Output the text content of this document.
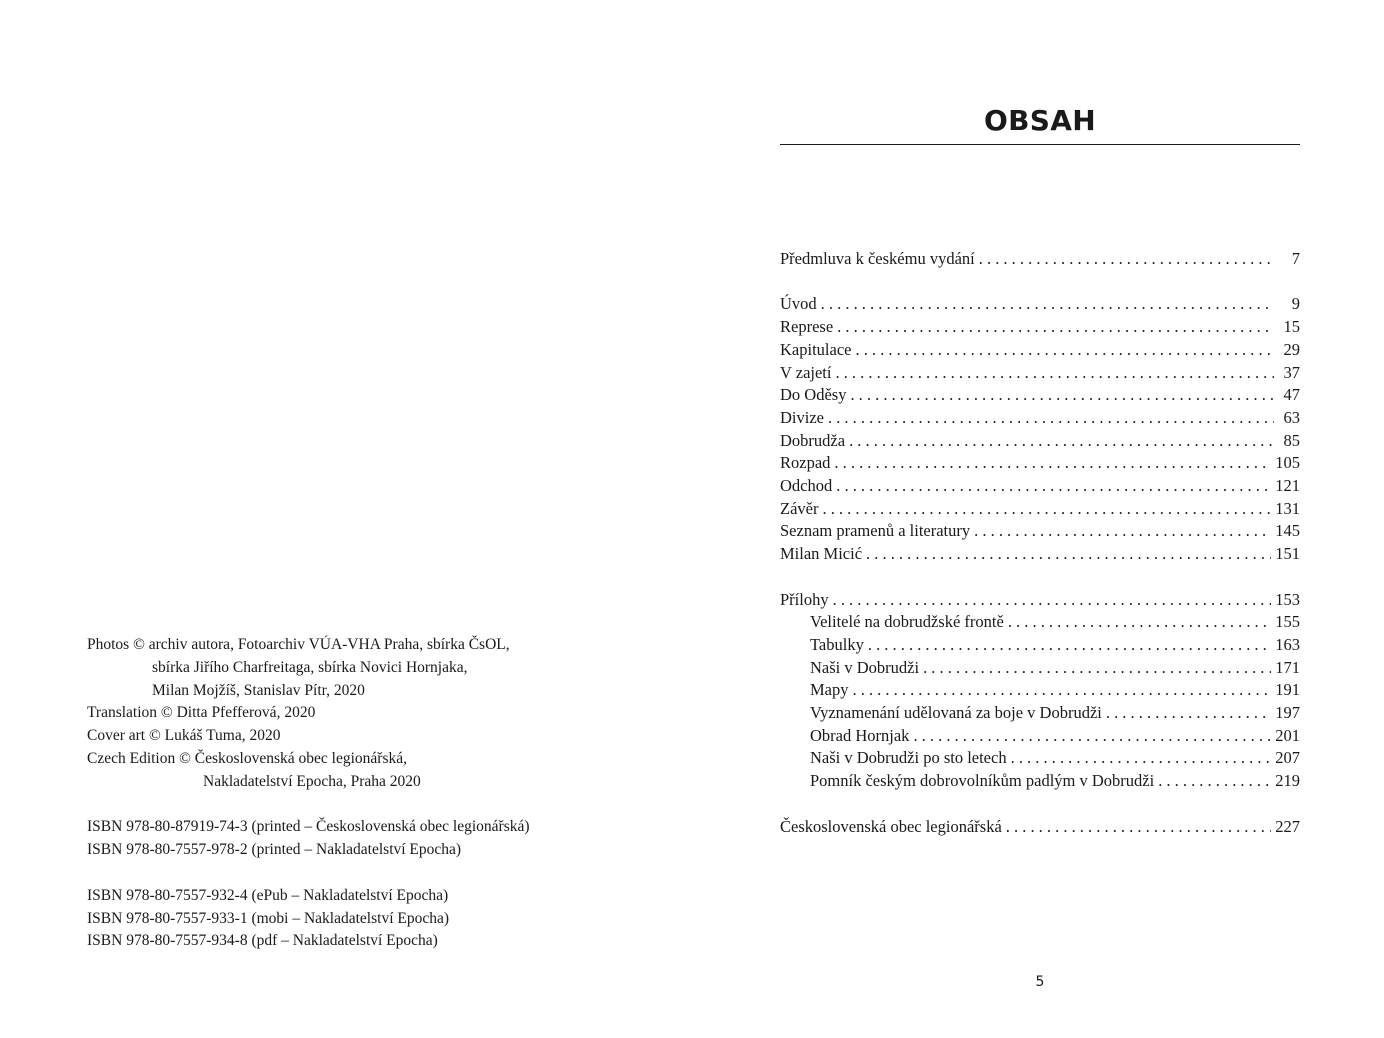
Photos © archiv autora, Fotoarchiv VÚA-VHA Praha, sbírka ČsOL,
sbírka Jiřího Charfreitaga, sbírka Novici Hornjaka,
Milan Mojžíš, Stanislav Pítr, 2020
Translation © Ditta Pfefferová, 2020
Cover art © Lukáš Tuma, 2020
Czech Edition © Československá obec legionářská,
Nakladatelství Epocha, Praha 2020
ISBN 978-80-87919-74-3 (printed – Československá obec legionářská)
ISBN 978-80-7557-978-2 (printed – Nakladatelství Epocha)
ISBN 978-80-7557-932-4 (ePub – Nakladatelství Epocha)
ISBN 978-80-7557-933-1 (mobi – Nakladatelství Epocha)
ISBN 978-80-7557-934-8 (pdf – Nakladatelství Epocha)
OBSAH
Předmluva k českému vydání .....	7
Úvod .....	9
Represe .....	15
Kapitulace .....	29
V zajetí .....	37
Do Oděsy .....	47
Divize .....	63
Dobrudža .....	85
Rozpad .....	105
Odchod .....	121
Závěr .....	131
Seznam pramenů a literatury .....	145
Milan Micić .....	151
Přílohy .....	153
Velitelé na dobrudžské frontě .....	155
Tabulky .....	163
Naši v Dobrudži .....	171
Mapy .....	191
Vyznamenání udělovaná za boje v Dobrudži .....	197
Obrad Hornjak .....	201
Naši v Dobrudži po sto letech .....	207
Pomník českým dobrovolníkům padlým v Dobrudži .....	219
Československá obec legionářská .....	227
5
